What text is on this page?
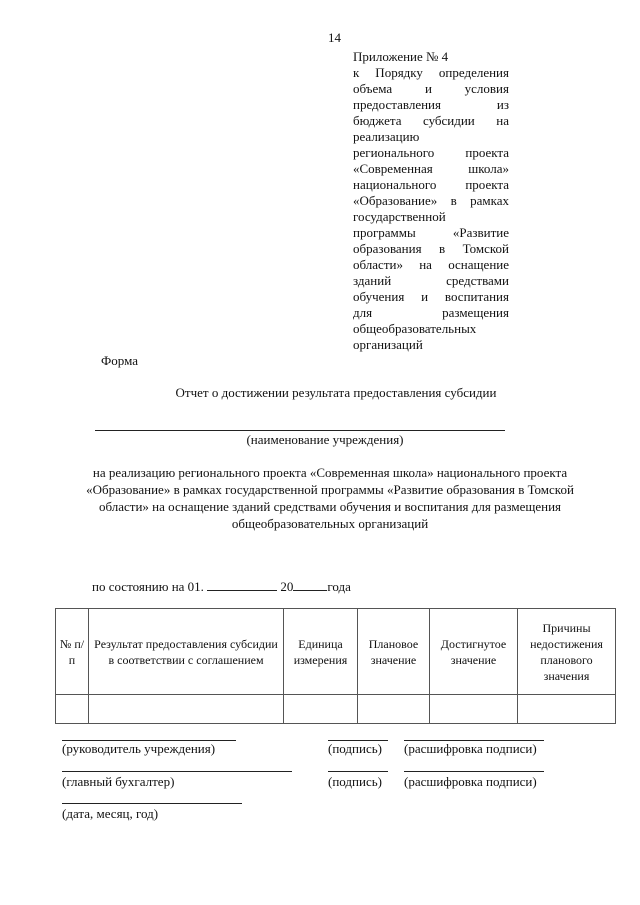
14
Приложение № 4
к Порядку определения
объема и условия
предоставления из
бюджета субсидии на
реализацию
регионального проекта
«Современная школа»
национального проекта
«Образование» в рамках
государственной
программы «Развитие
образования в Томской
области» на оснащение
зданий средствами
обучения и воспитания
для размещения
общеобразовательных
организаций
Форма
Отчет о достижении результата предоставления субсидии
(наименование учреждения)
на реализацию регионального проекта «Современная школа» национального проекта
«Образование» в рамках государственной программы «Развитие образования в Томской
области» на оснащение зданий средствами обучения и воспитания для размещения
общеобразовательных организаций
по состоянию на 01.	20	года
№ п/п	Результат предоставления субсидии в соответствии с соглашением	Единица измерения	Плановое значение	Достигнутое значение	Причины недостижения планового значения

(руководитель учреждения)	(подпись) (расшифровка подписи)
(главный бухгалтер)	(подпись) (расшифровка подписи)
(дата, месяц, год)
